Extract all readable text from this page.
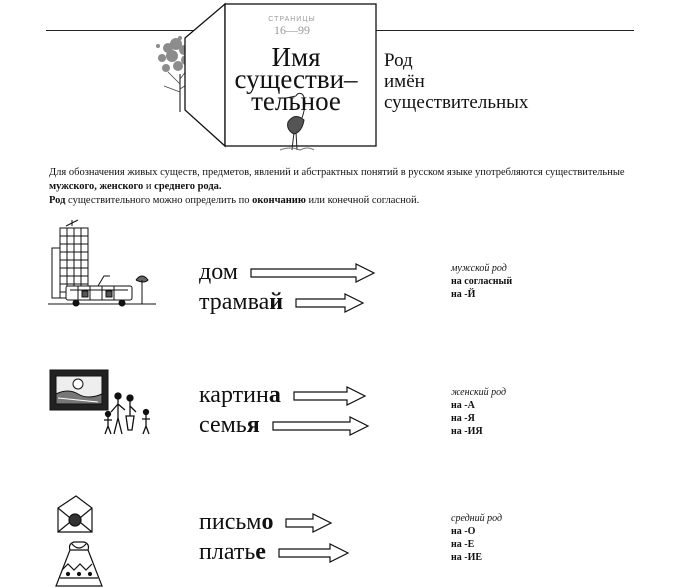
СТРАНИЦЫ
16—99
Имя
существи–
тельное
Род
имён
существительных
Для обозначения живых существ, предметов, явлений и абстрактных понятий в русском языке употребляются существительные мужского, женского и среднего рода.
Род существительного можно определить по окончанию или конечной согласной.
дом
трамвай
мужской род
на согласный
на -Й
картина
семья
женский род
на -А
на -Я
на -ИЯ
письмо
платье
средний род
на -О
на -Е
на -ИЕ
